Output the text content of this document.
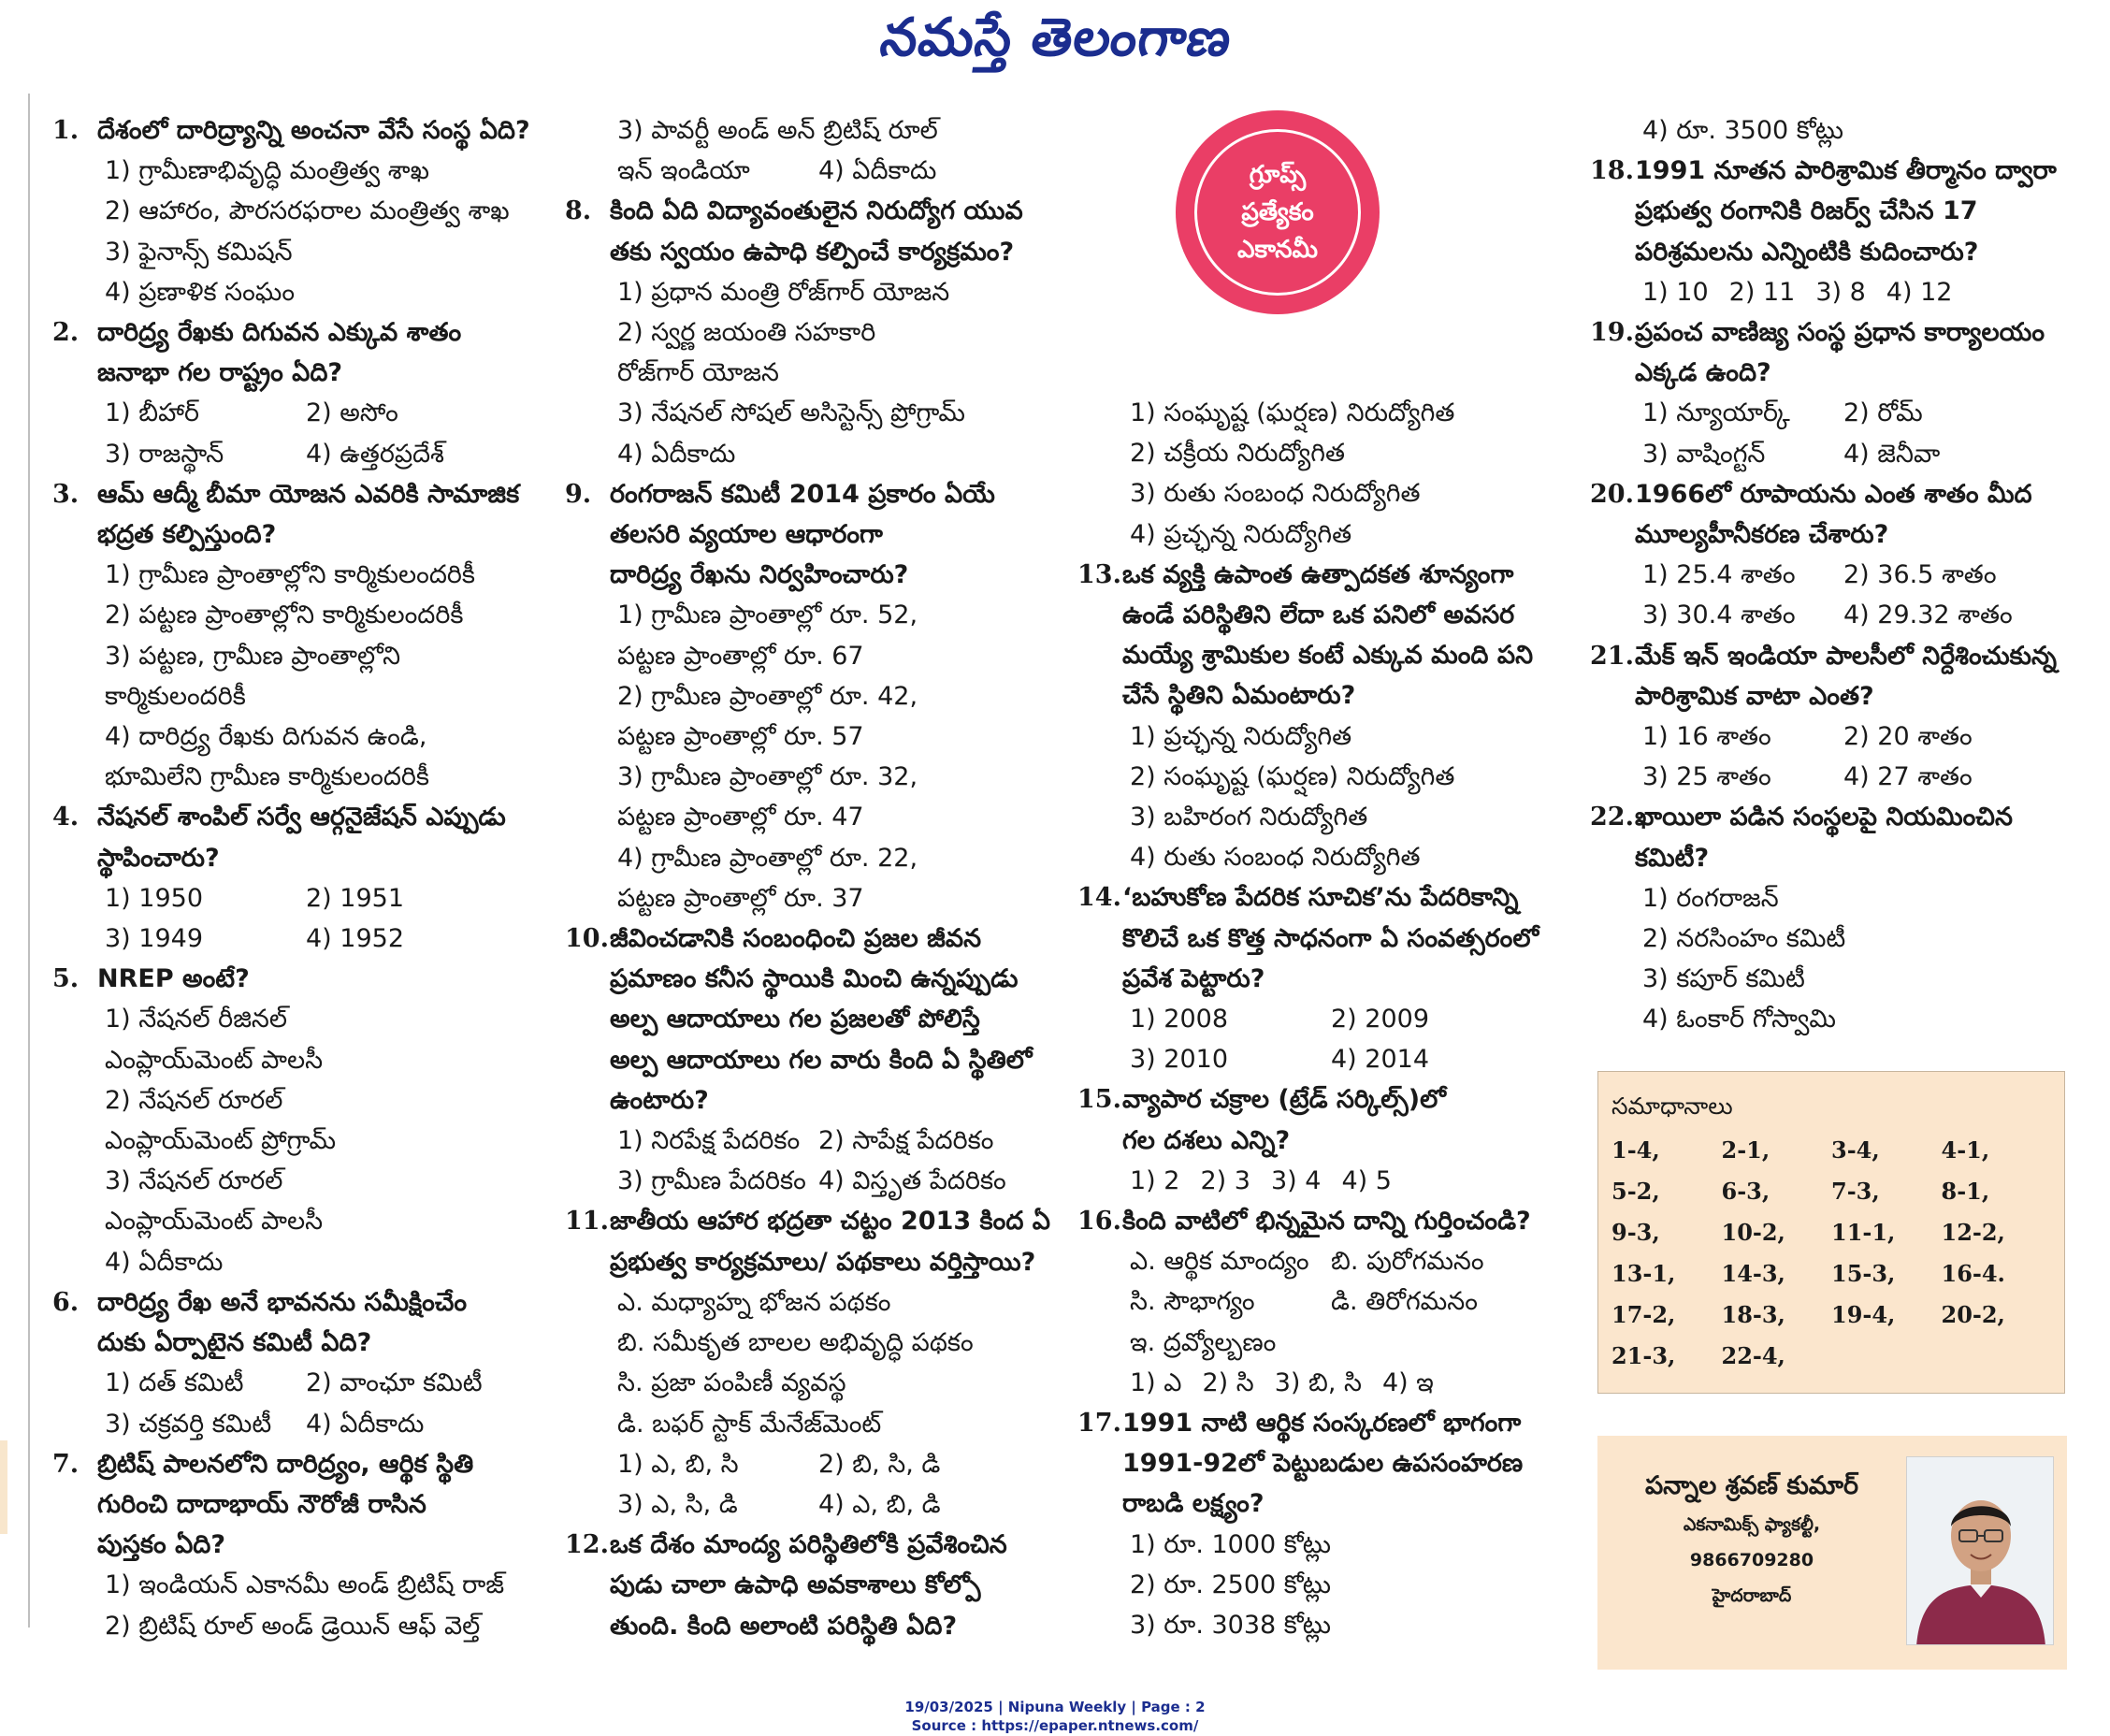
నమస్తే తెలంగాణ
1. దేశంలో దారిద్ర్యాన్ని అంచనా వేసే సంస్థ ఏది?
1) గ్రామీణాభివృద్ధి మంత్రిత్వ శాఖ
2) ఆహారం, పౌరసరఫరాల మంత్రిత్వ శాఖ
3) ఫైనాన్స్ కమిషన్
4) ప్రణాళిక సంఘం
2. దారిద్ర్య రేఖకు దిగువన ఎక్కువ శాతం
జనాభా గల రాష్ట్రం ఏది?
1) బీహార్	2) అసోం
3) రాజస్థాన్	4) ఉత్తరప్రదేశ్
3. ఆమ్ ఆద్మీ బీమా యోజన ఎవరికి సామాజిక
భద్రత కల్పిస్తుంది?
1) గ్రామీణ ప్రాంతాల్లోని కార్మికులందరికీ
2) పట్టణ ప్రాంతాల్లోని కార్మికులందరికీ
3) పట్టణ, గ్రామీణ ప్రాంతాల్లోని
కార్మికులందరికీ
4) దారిద్ర్య రేఖకు దిగువన ఉండి,
భూమిలేని గ్రామీణ కార్మికులందరికీ
4. నేషనల్ శాంపిల్ సర్వే ఆర్గనైజేషన్ ఎప్పుడు
స్థాపించారు?
1) 1950	2) 1951
3) 1949	4) 1952
5. NREP అంటే?
1) నేషనల్ రీజినల్
ఎంప్లాయ్‌మెంట్ పాలసీ
2) నేషనల్ రూరల్
ఎంప్లాయ్‌మెంట్ ప్రోగ్రామ్
3) నేషనల్ రూరల్
ఎంప్లాయ్‌మెంట్ పాలసీ
4) ఏదీకాదు
6. దారిద్ర్య రేఖ అనే భావనను సమీక్షించేం
దుకు ఏర్పాటైన కమిటీ ఏది?
1) దత్ కమిటీ	2) వాంఛూ కమిటీ
3) చక్రవర్తి కమిటీ	4) ఏదీకాదు
7. బ్రిటిష్ పాలనలోని దారిద్ర్యం, ఆర్థిక స్థితి
గురించి దాదాభాయ్ నౌరోజీ రాసిన
పుస్తకం ఏది?
1) ఇండియన్ ఎకానమీ అండ్ బ్రిటిష్ రాజ్
2) బ్రిటిష్ రూల్ అండ్ డ్రెయిన్ ఆఫ్ వెల్త్
3) పావర్టీ అండ్ అన్ బ్రిటిష్ రూల్
ఇన్ ఇండియా	4) ఏదీకాదు
8. కింది ఏది విద్యావంతులైన నిరుద్యోగ యువ
తకు స్వయం ఉపాధి కల్పించే కార్యక్రమం?
1) ప్రధాన మంత్రి రోజ్‌గార్ యోజన
2) స్వర్ణ జయంతి సహకారి
రోజ్‌గార్ యోజన
3) నేషనల్ సోషల్ అసిస్టెన్స్ ప్రోగ్రామ్
4) ఏదీకాదు
9. రంగరాజన్ కమిటీ 2014 ప్రకారం ఏయే
తలసరి వ్యయాల ఆధారంగా
దారిద్ర్య రేఖను నిర్వహించారు?
1) గ్రామీణ ప్రాంతాల్లో రూ. 52,
పట్టణ ప్రాంతాల్లో రూ. 67
2) గ్రామీణ ప్రాంతాల్లో రూ. 42,
పట్టణ ప్రాంతాల్లో రూ. 57
3) గ్రామీణ ప్రాంతాల్లో రూ. 32,
పట్టణ ప్రాంతాల్లో రూ. 47
4) గ్రామీణ ప్రాంతాల్లో రూ. 22,
పట్టణ ప్రాంతాల్లో రూ. 37
10. జీవించడానికి సంబంధించి ప్రజల జీవన
ప్రమాణం కనీస స్థాయికి మించి ఉన్నప్పుడు
అల్ప ఆదాయాలు గల ప్రజలతో పోలిస్తే
అల్ప ఆదాయాలు గల వారు కింది ఏ స్థితిలో
ఉంటారు?
1) నిరపేక్ష పేదరికం 2) సాపేక్ష పేదరికం
3) గ్రామీణ పేదరికం 4) విస్తృత పేదరికం
11. జాతీయ ఆహార భద్రతా చట్టం 2013 కింద ఏ
ప్రభుత్వ కార్యక్రమాలు/ పథకాలు వర్తిస్తాయి?
ఎ. మధ్యాహ్న భోజన పథకం
బి. సమీకృత బాలల అభివృద్ధి పథకం
సి. ప్రజా పంపిణీ వ్యవస్థ
డి. బఫర్ స్టాక్ మేనేజ్‌మెంట్
1) ఎ, బి, సి	2) బి, సి, డి
3) ఎ, సి, డి	4) ఎ, బి, డి
12. ఒక దేశం మాంద్య పరిస్థితిలోకి ప్రవేశించిన
పుడు చాలా ఉపాధి అవకాశాలు కోల్పో
తుంది. కింది అలాంటి పరిస్థితి ఏది?
గ్రూప్స్
ప్రత్యేకం
ఎకానమీ
1) సంఘృష్ట (ఘర్షణ) నిరుద్యోగిత
2) చక్రీయ నిరుద్యోగిత
3) రుతు సంబంధ నిరుద్యోగిత
4) ప్రచ్ఛన్న నిరుద్యోగిత
13. ఒక వ్యక్తి ఉపాంత ఉత్పాదకత శూన్యంగా
ఉండే పరిస్థితిని లేదా ఒక పనిలో అవసర
మయ్యే శ్రామికుల కంటే ఎక్కువ మంది పని
చేసే స్థితిని ఏమంటారు?
1) ప్రచ్ఛన్న నిరుద్యోగిత
2) సంఘృష్ట (ఘర్షణ) నిరుద్యోగిత
3) బహిరంగ నిరుద్యోగిత
4) రుతు సంబంధ నిరుద్యోగిత
14. ‘బహుకోణ పేదరిక సూచిక’ను పేదరికాన్ని
కొలిచే ఒక కొత్త సాధనంగా ఏ సంవత్సరంలో
ప్రవేశ పెట్టారు?
1) 2008	2) 2009
3) 2010	4) 2014
15. వ్యాపార చక్రాల (ట్రేడ్ సర్కిల్స్)లో
గల దశలు ఎన్ని?
1) 2 2) 3 3) 4 4) 5
16. కింది వాటిలో భిన్నమైన దాన్ని గుర్తించండి?
ఎ. ఆర్థిక మాంద్యం బి. పురోగమనం
సి. సౌభాగ్యం	డి. తిరోగమనం
ఇ. ద్రవ్యోల్బణం
1) ఎ 2) సి 3) బి, సి 4) ఇ
17. 1991 నాటి ఆర్థిక సంస్కరణలో భాగంగా
1991-92లో పెట్టుబడుల ఉపసంహరణ
రాబడి లక్ష్యం?
1) రూ. 1000 కోట్లు
2) రూ. 2500 కోట్లు
3) రూ. 3038 కోట్లు
4) రూ. 3500 కోట్లు
18. 1991 నూతన పారిశ్రామిక తీర్మానం ద్వారా
ప్రభుత్వ రంగానికి రిజర్వ్ చేసిన 17
పరిశ్రమలను ఎన్నింటికి కుదించారు?
1) 10 2) 11 3) 8 4) 12
19. ప్రపంచ వాణిజ్య సంస్థ ప్రధాన కార్యాలయం
ఎక్కడ ఉంది?
1) న్యూయార్క్	2) రోమ్
3) వాషింగ్టన్	4) జెనీవా
20. 1966లో రూపాయను ఎంత శాతం మీద
మూల్యహీనీకరణ చేశారు?
1) 25.4 శాతం	2) 36.5 శాతం
3) 30.4 శాతం	4) 29.32 శాతం
21. మేక్ ఇన్ ఇండియా పాలసీలో నిర్దేశించుకున్న
పారిశ్రామిక వాటా ఎంత?
1) 16 శాతం	2) 20 శాతం
3) 25 శాతం	4) 27 శాతం
22. ఖాయిలా పడిన సంస్థలపై నియమించిన
కమిటీ?
1) రంగరాజన్
2) నరసింహం కమిటీ
3) కపూర్ కమిటీ
4) ఓంకార్ గోస్వామి
సమాధానాలు
1-4,	2-1,	3-4,	4-1,
5-2,	6-3,	7-3,	8-1,
9-3,	10-2,	11-1,	12-2,
13-1,	14-3,	15-3,	16-4.
17-2,	18-3,	19-4,	20-2,
21-3,	22-4,
పన్నాల శ్రవణ్ కుమార్
ఎకనామిక్స్ ఫ్యాకల్టీ,
9866709280
హైదరాబాద్
19/03/2025 | Nipuna Weekly | Page : 2
Source : https://epaper.ntnews.com/
